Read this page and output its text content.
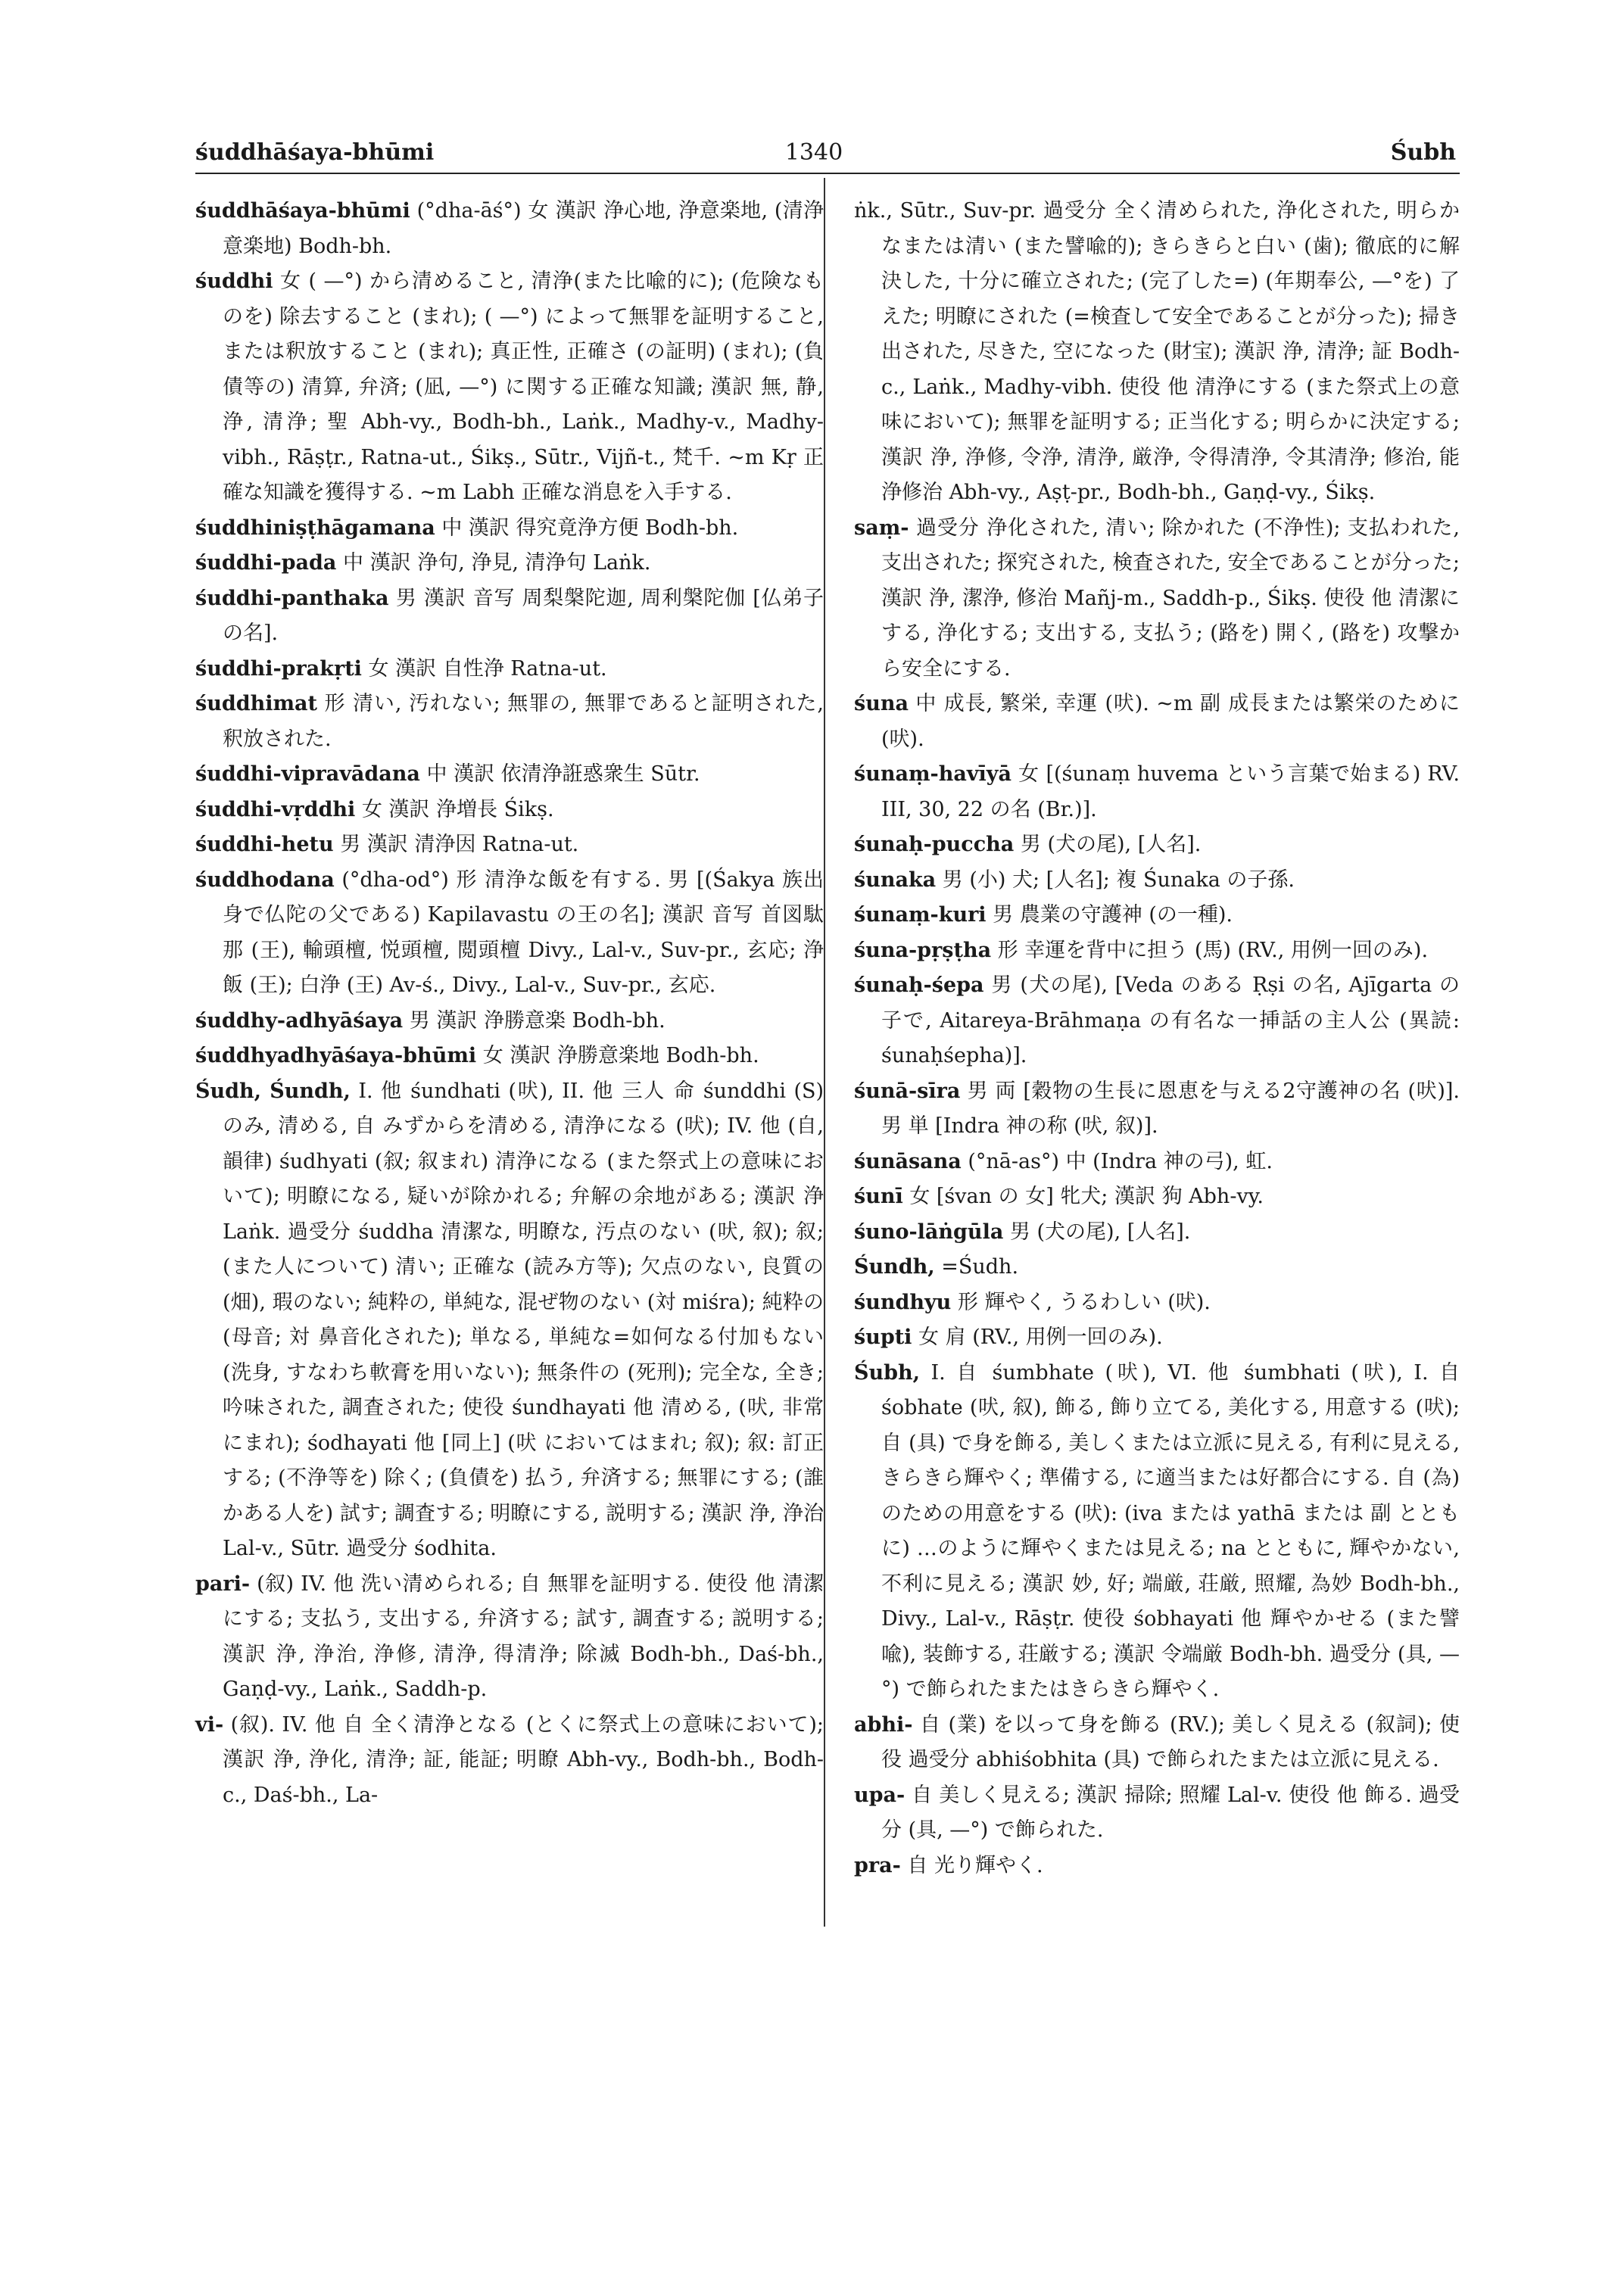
śuddhāśaya-bhūmi	1340	Śubh

śuddhāśaya-bhūmi (°dha-āś°) 女 漢訳 浄心地, 浄意楽地, (清浄意楽地) Bodh-bh.

śuddhi 女 ( —°) から清めること, 清浄(また比喩的に); (危険なものを) 除去すること (まれ); ( —°) によって無罪を証明すること, または釈放すること (まれ); 真正性, 正確さ (の証明) (まれ); (負債等の) 清算, 弁済; (凪, —°) に関する正確な知識; 漢訳 無, 静, 浄, 清浄; 聖 Abh-vy., Bodh-bh., Laṅk., Madhy-v., Madhy-vibh., Rāṣṭr., Ratna-ut., Śikṣ., Sūtr., Vijñ-t., 梵千. ~m Kṛ 正確な知識を獲得する. ~m Labh 正確な消息を入手する.

śuddhiniṣṭhāgamana 中 漢訳 得究竟浄方便 Bodh-bh.

śuddhi-pada 中 漢訳 浄句, 浄見, 清浄句 Laṅk.

śuddhi-panthaka 男 漢訳 音写 周梨槃陀迦, 周利槃陀伽 [仏弟子の名].

śuddhi-prakṛti 女 漢訳 自性浄 Ratna-ut.

śuddhimat 形 清い, 汚れない; 無罪の, 無罪であると証明された, 釈放された.

śuddhi-vipravādana 中 漢訳 依清浄誑惑衆生 Sūtr.

śuddhi-vṛddhi 女 漢訳 浄増長 Śikṣ.

śuddhi-hetu 男 漢訳 清浄因 Ratna-ut.

śuddhodana (°dha-od°) 形 清浄な飯を有する. 男 [(Śakya 族出身で仏陀の父である) Kapilavastu の王の名]; 漢訳 音写 首図駄那 (王), 輸頭檀, 悦頭檀, 閲頭檀 Divy., Lal-v., Suv-pr., 玄応; 浄飯 (王); 白浄 (王) Av-ś., Divy., Lal-v., Suv-pr., 玄応.

śuddhy-adhyāśaya 男 漢訳 浄勝意楽 Bodh-bh.

śuddhyadhyāśaya-bhūmi 女 漢訳 浄勝意楽地 Bodh-bh.

Śudh, Śundh, I. 他 śundhati (吠), II. 他 三人 命 śunddhi (S) のみ, 清める, 自 みずからを清める, 清浄になる (吠); IV. 他 (自, 韻律) śudhyati (叙; 叙まれ) 清浄になる (また祭式上の意味において); 明瞭になる, 疑いが除かれる; 弁解の余地がある; 漢訳 浄 Laṅk. 過受分 śuddha 清潔な, 明瞭な, 汚点のない (吠, 叙); 叙; (また人について) 清い; 正確な (読み方等); 欠点のない, 良質の (畑), 瑕のない; 純粋の, 単純な, 混ぜ物のない (対 miśra); 純粋の (母音; 対 鼻音化された); 単なる, 単純な=如何なる付加もない (洗身, すなわち軟膏を用いない); 無条件の (死刑); 完全な, 全き; 吟味された, 調査された; 使役 śundhayati 他 清める, (吠, 非常にまれ); śodhayati 他 [同上] (吠 においてはまれ; 叙); 叙: 訂正する; (不浄等を) 除く; (負債を) 払う, 弁済する; 無罪にする; (誰かある人を) 試す; 調査する; 明瞭にする, 説明する; 漢訳 浄, 浄治 Lal-v., Sūtr. 過受分 śodhita.

pari- (叙) IV. 他 洗い清められる; 自 無罪を証明する. 使役 他 清潔にする; 支払う, 支出する, 弁済する; 試す, 調査する; 説明する; 漢訳 浄, 浄治, 浄修, 清浄, 得清浄; 除滅 Bodh-bh., Daś-bh., Gaṇḍ-vy., Laṅk., Saddh-p.

vi- (叙). IV. 他 自 全く清浄となる (とくに祭式上の意味において); 漢訳 浄, 浄化, 清浄; 証, 能証; 明瞭 Abh-vy., Bodh-bh., Bodh-c., Daś-bh., La-

ṅk., Sūtr., Suv-pr. 過受分 全く清められた, 浄化された, 明らかなまたは清い (また譬喩的); きらきらと白い (歯); 徹底的に解決した, 十分に確立された; (完了した=) (年期奉公, —°を) 了えた; 明瞭にされた (=検査して安全であることが分った); 掃き出された, 尽きた, 空になった (財宝); 漢訳 浄, 清浄; 証 Bodh-c., Laṅk., Madhy-vibh. 使役 他 清浄にする (また祭式上の意味において); 無罪を証明する; 正当化する; 明らかに決定する; 漢訳 浄, 浄修, 令浄, 清浄, 厳浄, 令得清浄, 令其清浄; 修治, 能浄修治 Abh-vy., Aṣṭ-pr., Bodh-bh., Gaṇḍ-vy., Śikṣ.

saṃ- 過受分 浄化された, 清い; 除かれた (不浄性); 支払われた, 支出された; 探究された, 検査された, 安全であることが分った; 漢訳 浄, 潔浄, 修治 Mañj-m., Saddh-p., Śikṣ. 使役 他 清潔にする, 浄化する; 支出する, 支払う; (路を) 開く, (路を) 攻撃から安全にする.

śuna 中 成長, 繁栄, 幸運 (吠). ~m 副 成長または繁栄のために (吠).

śunaṃ-havīyā 女 [(śunaṃ huvema という言葉で始まる) RV. III, 30, 22 の名 (Br.)].

śunaḥ-puccha 男 (犬の尾), [人名].

śunaka 男 (小) 犬; [人名]; 複 Śunaka の子孫.

śunaṃ-kuri 男 農業の守護神 (の一種).

śuna-pṛṣṭha 形 幸運を背中に担う (馬) (RV., 用例一回のみ).

śunaḥ-śepa 男 (犬の尾), [Veda のある Ṛṣi の名, Ajīgarta の子で, Aitareya-Brāhmaṇa の有名な一挿話の主人公 (異読: śunaḥśepha)].

śunā-sīra 男 両 [穀物の生長に恩恵を与える2守護神の名 (吠)]. 男 単 [Indra 神の称 (吠, 叙)].

śunāsana (°nā-as°) 中 (Indra 神の弓), 虹.

śunī 女 [śvan の 女] 牝犬; 漢訳 狗 Abh-vy.

śuno-lāṅgūla 男 (犬の尾), [人名].

Śundh, =Śudh.

śundhyu 形 輝やく, うるわしい (吠).

śupti 女 肩 (RV., 用例一回のみ).

Śubh, I. 自 śumbhate (吠), VI. 他 śumbhati (吠), I. 自 śobhate (吠, 叙), 飾る, 飾り立てる, 美化する, 用意する (吠); 自 (具) で身を飾る, 美しくまたは立派に見える, 有利に見える, きらきら輝やく; 準備する, に適当または好都合にする. 自 (為) のための用意をする (吠): (iva または yathā または 副 とともに) …のように輝やくまたは見える; na とともに, 輝やかない, 不利に見える; 漢訳 妙, 好; 端厳, 荘厳, 照耀, 為妙 Bodh-bh., Divy., Lal-v., Rāṣṭr. 使役 śobhayati 他 輝やかせる (また譬喩), 装飾する, 荘厳する; 漢訳 令端厳 Bodh-bh. 過受分 (具, —°) で飾られたまたはきらきら輝やく.

abhi- 自 (業) を以って身を飾る (RV.); 美しく見える (叙詞); 使役 過受分 abhiśobhita (具) で飾られたまたは立派に見える.

upa- 自 美しく見える; 漢訳 掃除; 照耀 Lal-v. 使役 他 飾る. 過受分 (具, —°) で飾られた.

pra- 自 光り輝やく.
